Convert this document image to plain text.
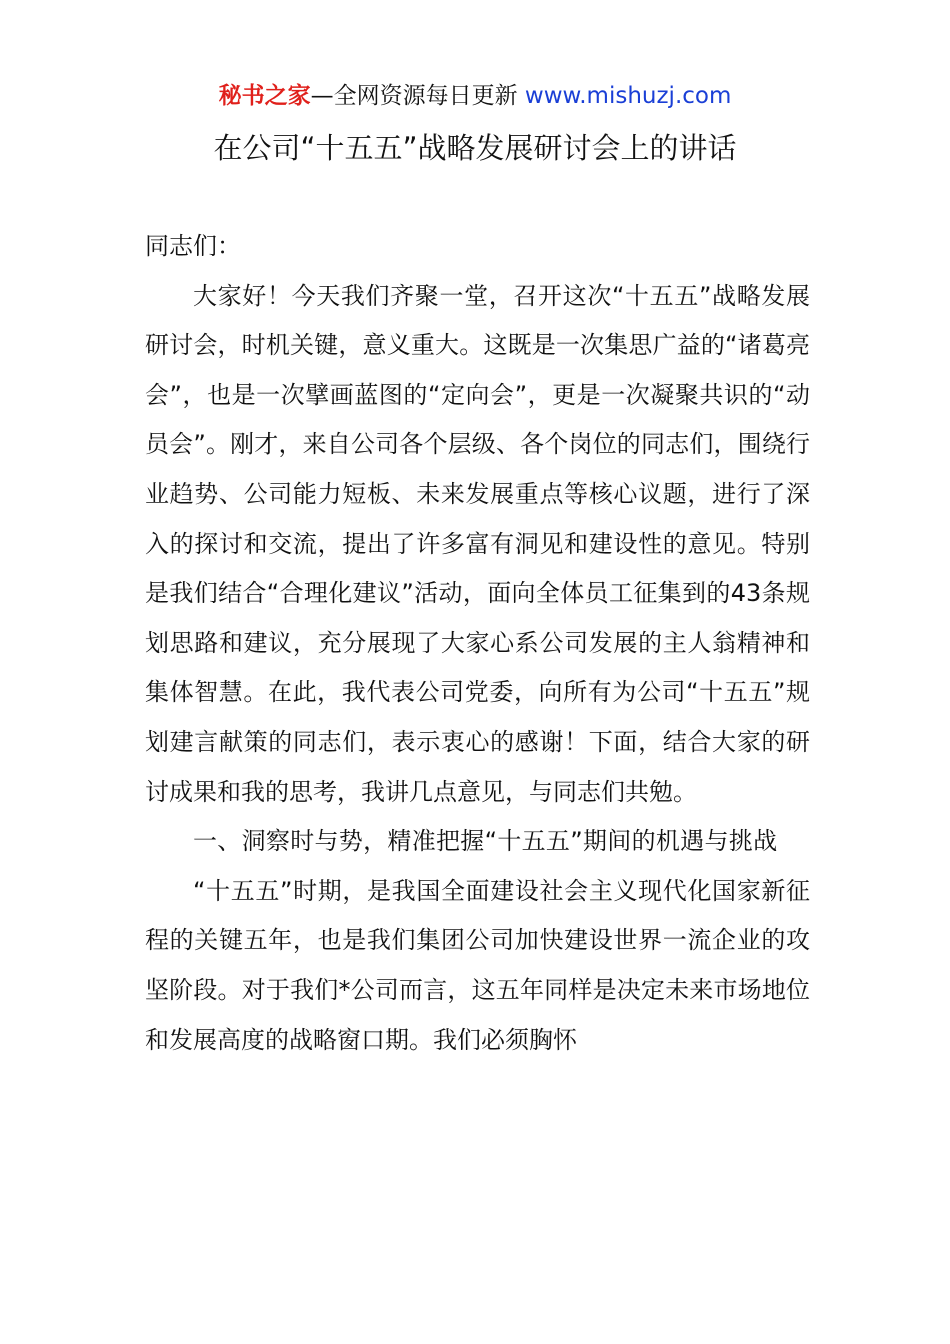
秘书之家—全网资源每日更新 www.mishuzj.com
在公司“十五五”战略发展研讨会上的讲话

同志们：

大家好！今天我们齐聚一堂，召开这次“十五五”战略发展研讨会，时机关键，意义重大。这既是一次集思广益的“诸葛亮会”，也是一次擘画蓝图的“定向会”，更是一次凝聚共识的“动员会”。刚才，来自公司各个层级、各个岗位的同志们，围绕行业趋势、公司能力短板、未来发展重点等核心议题，进行了深入的探讨和交流，提出了许多富有洞见和建设性的意见。特别是我们结合“合理化建议”活动，面向全体员工征集到的43条规划思路和建议，充分展现了大家心系公司发展的主人翁精神和集体智慧。在此，我代表公司党委，向所有为公司“十五五”规划建言献策的同志们，表示衷心的感谢！下面，结合大家的研讨成果和我的思考，我讲几点意见，与同志们共勉。

一、洞察时与势，精准把握“十五五”期间的机遇与挑战

“十五五”时期，是我国全面建设社会主义现代化国家新征程的关键五年，也是我们集团公司加快建设世界一流企业的攻坚阶段。对于我们*公司而言，这五年同样是决定未来市场地位和发展高度的战略窗口期。我们必须胸怀
